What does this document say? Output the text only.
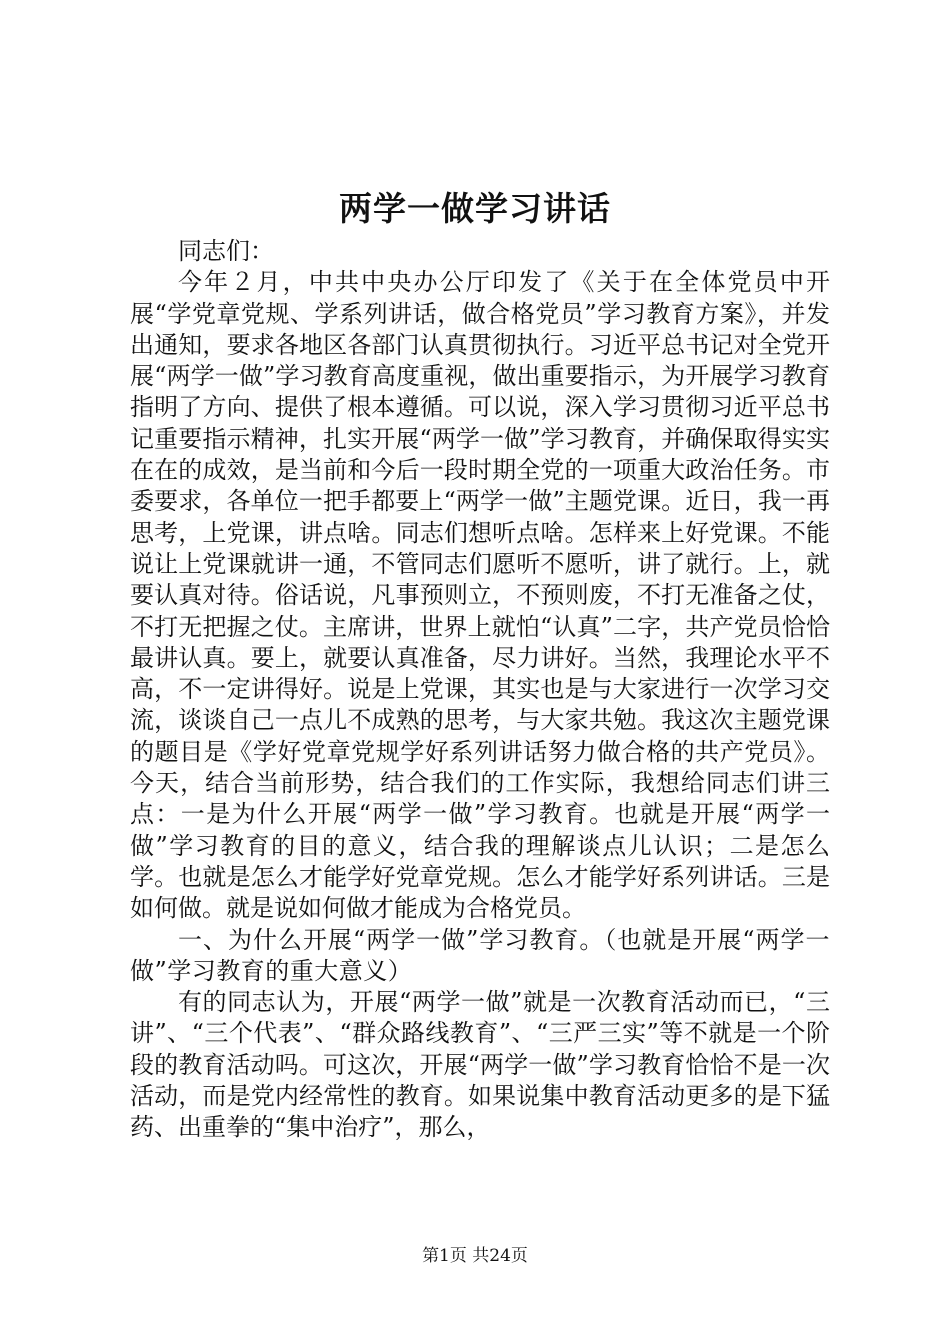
两学一做学习讲话

同志们：

今年２月，中共中央办公厅印发了《关于在全体党员中开展“学党章党规、学系列讲话，做合格党员”学习教育方案》，并发出通知，要求各地区各部门认真贯彻执行。习近平总书记对全党开展“两学一做”学习教育高度重视，做出重要指示，为开展学习教育指明了方向、提供了根本遵循。可以说，深入学习贯彻习近平总书记重要指示精神，扎实开展“两学一做”学习教育，并确保取得实实在在的成效，是当前和今后一段时期全党的一项重大政治任务。市委要求，各单位一把手都要上“两学一做”主题党课。近日，我一再思考，上党课，讲点啥。同志们想听点啥。怎样来上好党课。不能说让上党课就讲一通，不管同志们愿听不愿听，讲了就行。上，就要认真对待。俗话说，凡事预则立，不预则废，不打无准备之仗，不打无把握之仗。主席讲，世界上就怕“认真”二字，共产党员恰恰最讲认真。要上，就要认真准备，尽力讲好。当然，我理论水平不高，不一定讲得好。说是上党课，其实也是与大家进行一次学习交流，谈谈自己一点儿不成熟的思考，与大家共勉。我这次主题党课的题目是《学好党章党规学好系列讲话努力做合格的共产党员》。今天，结合当前形势，结合我们的工作实际，我想给同志们讲三点：一是为什么开展“两学一做”学习教育。也就是开展“两学一做”学习教育的目的意义，结合我的理解谈点儿认识；二是怎么学。也就是怎么才能学好党章党规。怎么才能学好系列讲话。三是如何做。就是说如何做才能成为合格党员。

一、为什么开展“两学一做”学习教育。（也就是开展“两学一做”学习教育的重大意义）

有的同志认为，开展“两学一做”就是一次教育活动而已，“三讲”、“三个代表”、“群众路线教育”、“三严三实”等不就是一个阶段的教育活动吗。可这次，开展“两学一做”学习教育恰恰不是一次活动，而是党内经常性的教育。如果说集中教育活动更多的是下猛药、出重拳的“集中治疗”，那么，

第1页 共24页
